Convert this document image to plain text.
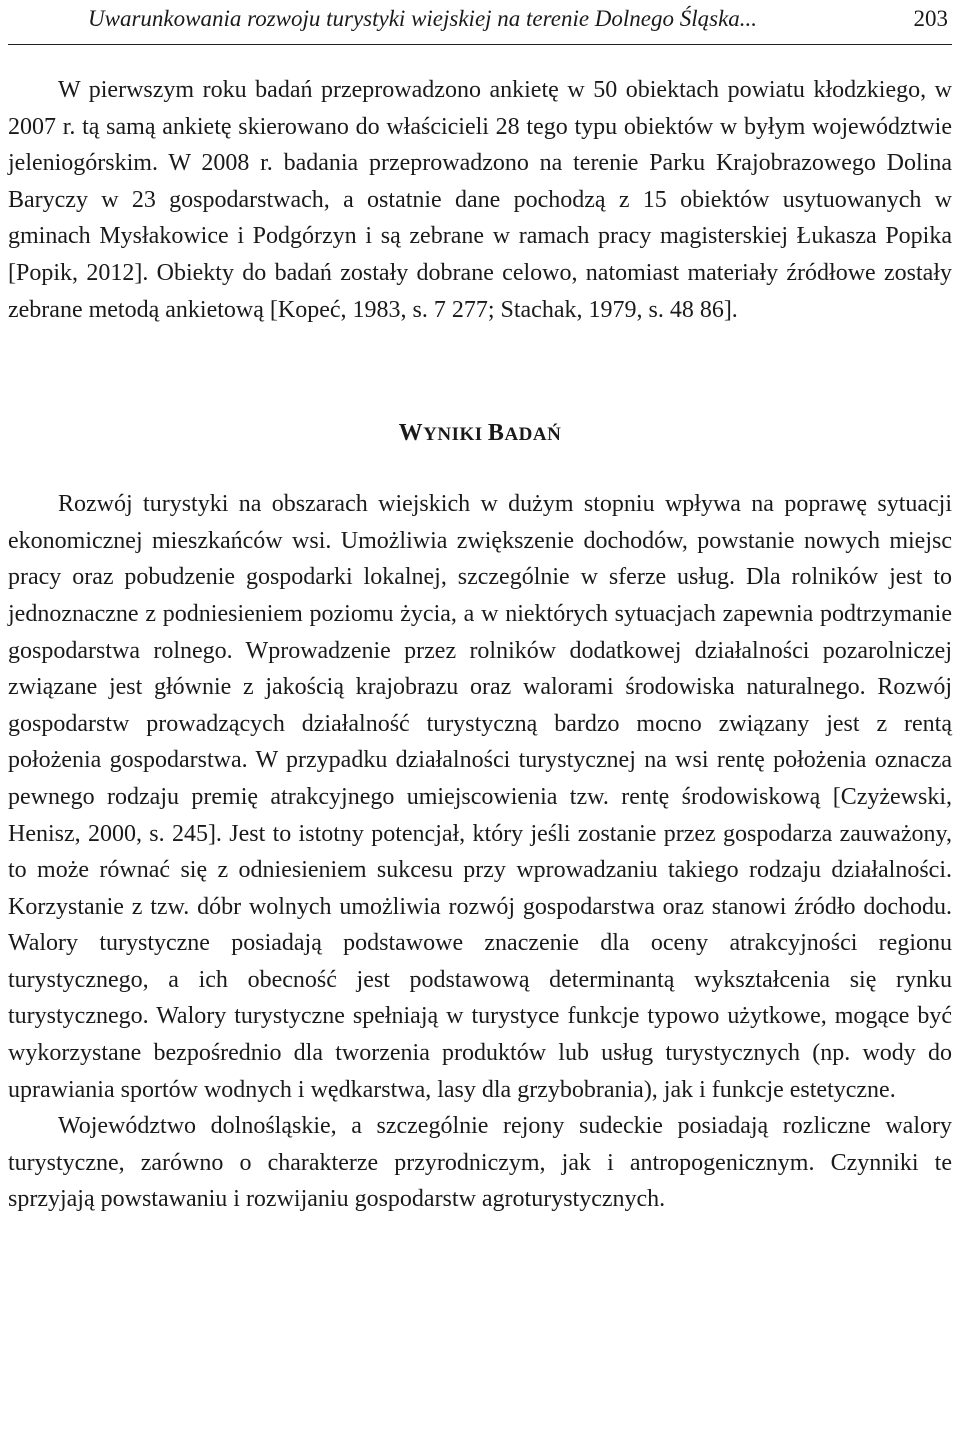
Uwarunkowania rozwoju turystyki wiejskiej na terenie Dolnego Śląska...	203

W pierwszym roku badań przeprowadzono ankietę w 50 obiektach powiatu kłodzkiego, w 2007 r. tą samą ankietę skierowano do właścicieli 28 tego typu obiektów w byłym województwie jeleniogórskim. W 2008 r. badania przeprowadzono na terenie Parku Krajobrazowego Dolina Baryczy w 23 gospodarstwach, a ostatnie dane pochodzą z 15 obiektów usytuowanych w gminach Mysłakowice i Podgórzyn i są zebrane w ramach pracy magisterskiej Łukasza Popika [Popik, 2012]. Obiekty do badań zostały dobrane celowo, natomiast materiały źródłowe zostały zebrane metodą ankietową [Kopeć, 1983, s. 7 277; Stachak, 1979, s. 48 86].

WYNIKI BADAŃ

Rozwój turystyki na obszarach wiejskich w dużym stopniu wpływa na poprawę sytuacji ekonomicznej mieszkańców wsi. Umożliwia zwiększenie dochodów, powstanie nowych miejsc pracy oraz pobudzenie gospodarki lokalnej, szczególnie w sferze usług. Dla rolników jest to jednoznaczne z podniesieniem poziomu życia, a w niektórych sytuacjach zapewnia podtrzymanie gospodarstwa rolnego. Wprowadzenie przez rolników dodatkowej działalności pozarolniczej związane jest głównie z jakością krajobrazu oraz walorami środowiska naturalnego. Rozwój gospodarstw prowadzących działalność turystyczną bardzo mocno związany jest z rentą położenia gospodarstwa. W przypadku działalności turystycznej na wsi rentę położenia oznacza pewnego rodzaju premię atrakcyjnego umiejscowienia tzw. rentę środowiskową [Czyżewski, Henisz, 2000, s. 245]. Jest to istotny potencjał, który jeśli zostanie przez gospodarza zauważony, to może równać się z odniesieniem sukcesu przy wprowadzaniu takiego rodzaju działalności. Korzystanie z tzw. dóbr wolnych umożliwia rozwój gospodarstwa oraz stanowi źródło dochodu. Walory turystyczne posiadają podstawowe znaczenie dla oceny atrakcyjności regionu turystycznego, a ich obecność jest podstawową determinantą wykształcenia się rynku turystycznego. Walory turystyczne spełniają w turystyce funkcje typowo użytkowe, mogące być wykorzystane bezpośrednio dla tworzenia produktów lub usług turystycznych (np. wody do uprawiania sportów wodnych i wędkarstwa, lasy dla grzybobrania), jak i funkcje estetyczne.

Województwo dolnośląskie, a szczególnie rejony sudeckie posiadają rozliczne walory turystyczne, zarówno o charakterze przyrodniczym, jak i antropogenicznym. Czynniki te sprzyjają powstawaniu i rozwijaniu gospodarstw agroturystycznych.
